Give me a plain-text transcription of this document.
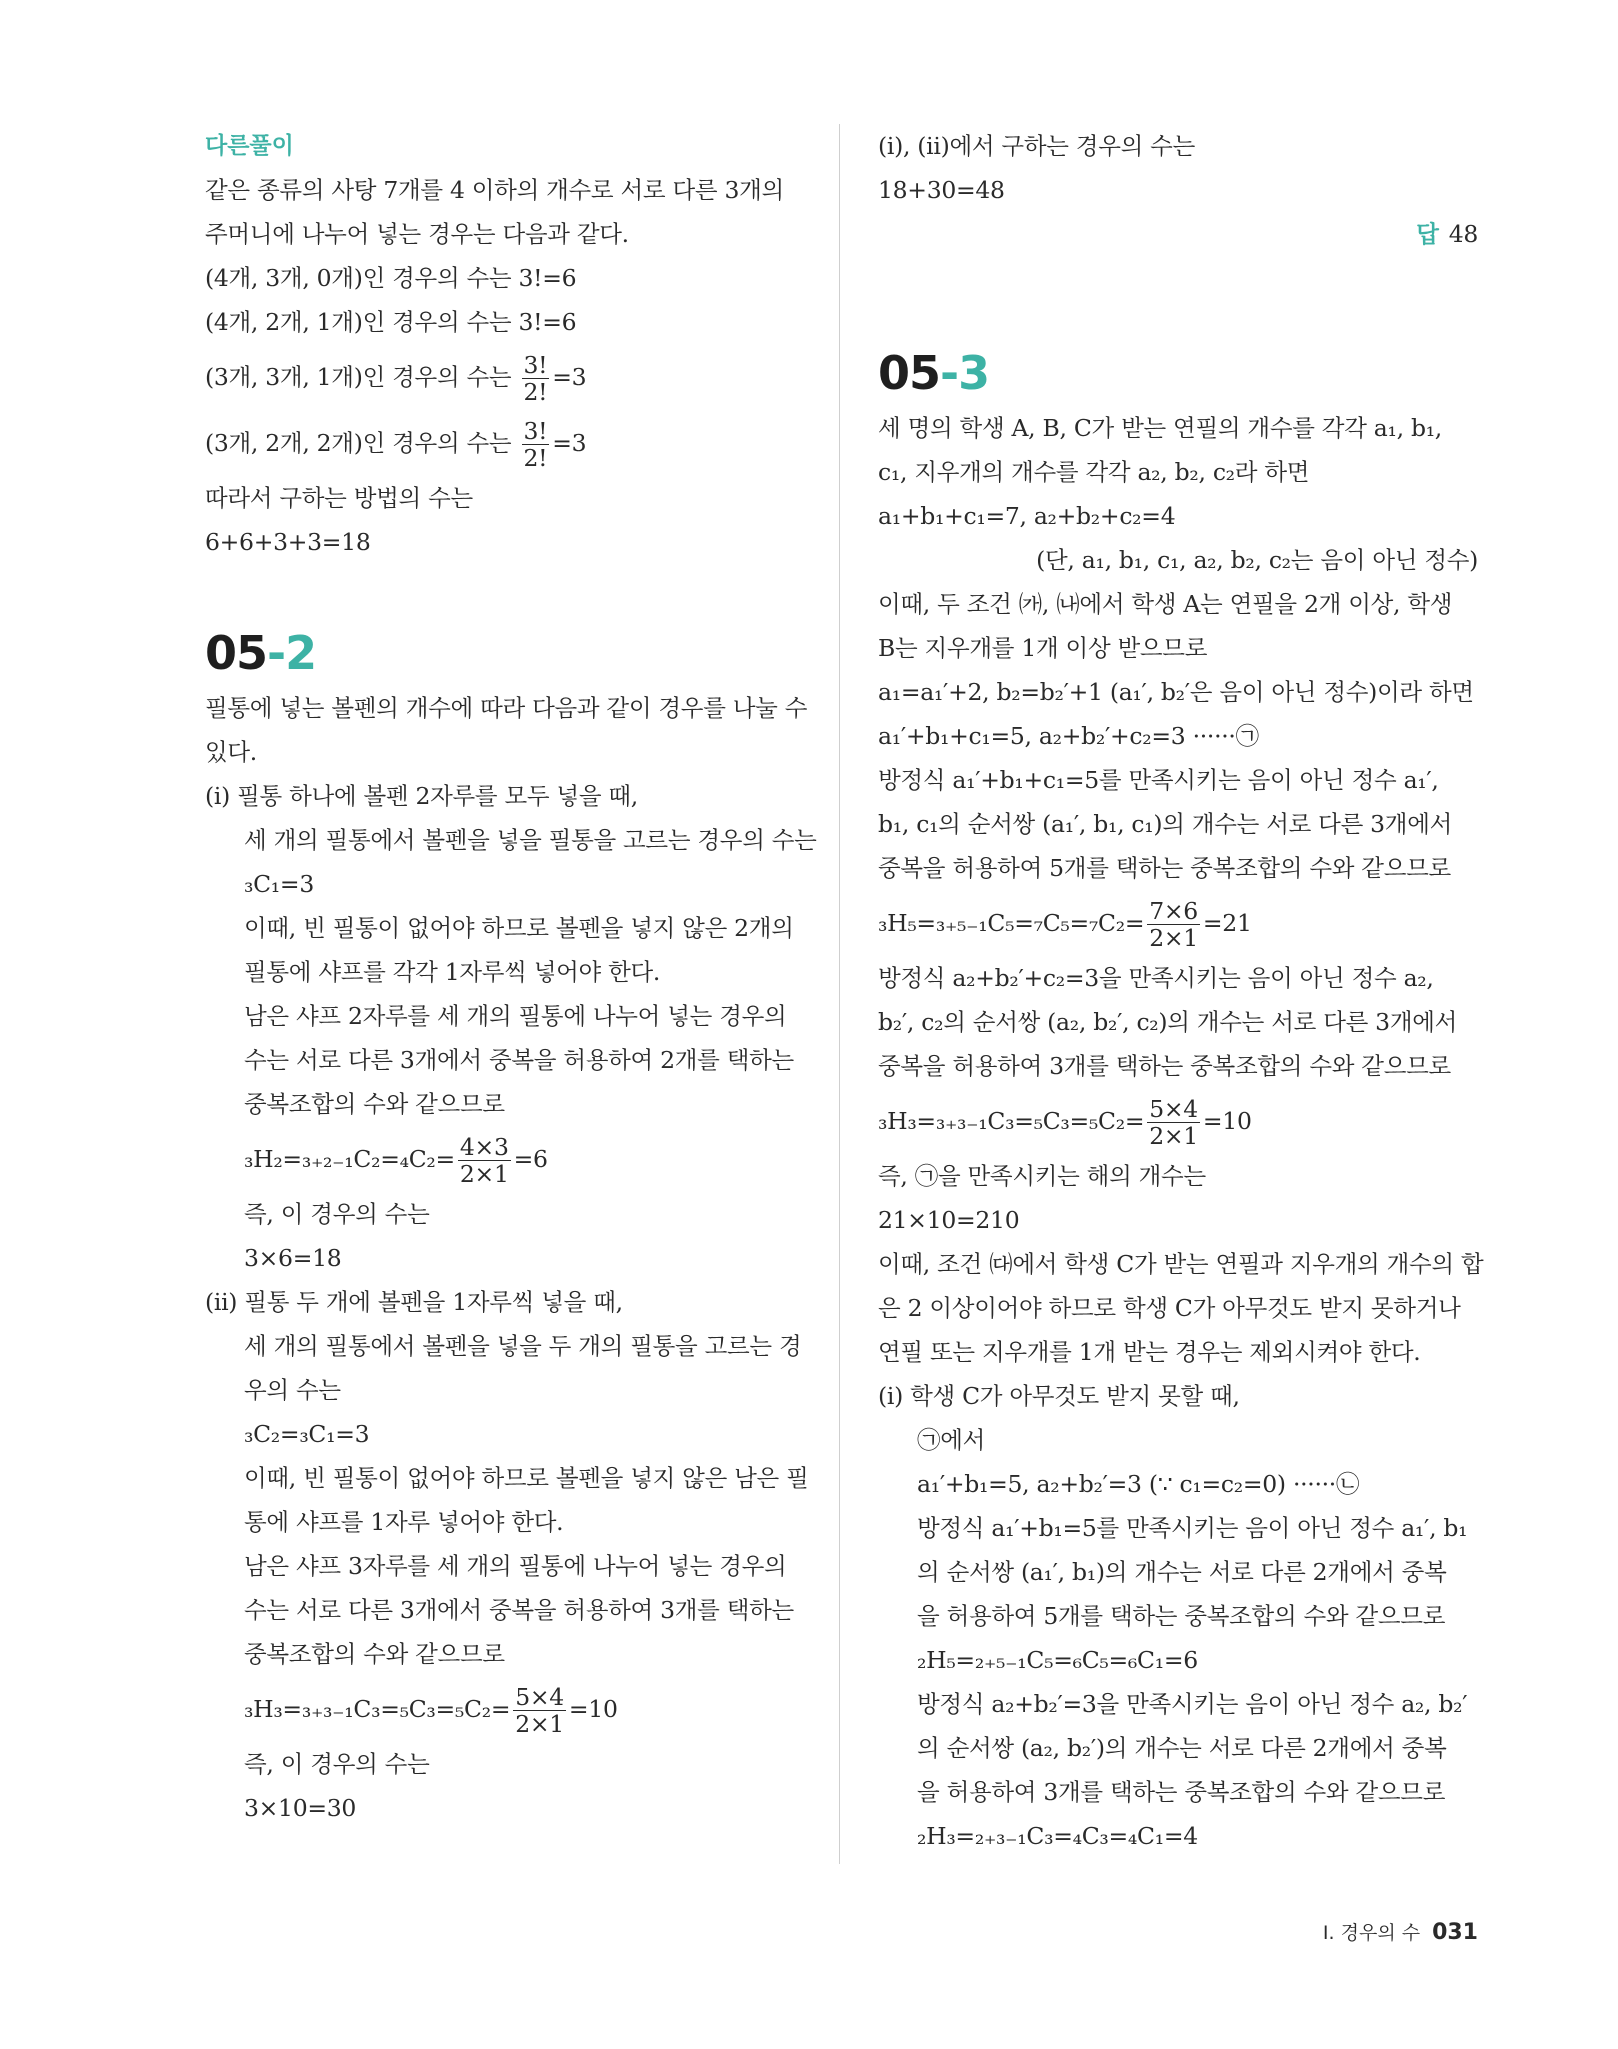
다른풀이
같은 종류의 사탕 7개를 4 이하의 개수로 서로 다른 3개의
주머니에 나누어 넣는 경우는 다음과 같다.
(4개, 3개, 0개)인 경우의 수는 3!=6
(4개, 2개, 1개)인 경우의 수는 3!=6
(3개, 3개, 1개)인 경우의 수는 $\frac{3!}{2!} =3$
(3개, 2개, 2개)인 경우의 수는 $\frac{3!}{2!} =3$
따라서 구하는 방법의 수는
6+6+3+3=18
05-2
필통에 넣는 볼펜의 개수에 따라 다음과 같이 경우를 나눌 수
있다.
(i) 필통 하나에 볼펜 2자루를 모두 넣을 때,
세 개의 필통에서 볼펜을 넣을 필통을 고르는 경우의 수는
₃C₁=3
이때, 빈 필통이 없어야 하므로 볼펜을 넣지 않은 2개의
필통에 샤프를 각각 1자루씩 넣어야 한다.
남은 샤프 2자루를 세 개의 필통에 나누어 넣는 경우의
수는 서로 다른 3개에서 중복을 허용하여 2개를 택하는
중복조합의 수와 같으므로
$_3H_2=_{3+2-1}C_2=_4C_2= \frac{4\times 3}{2\times 1} =6$
즉, 이 경우의 수는
3×6=18
(ii) 필통 두 개에 볼펜을 1자루씩 넣을 때,
세 개의 필통에서 볼펜을 넣을 두 개의 필통을 고르는 경
우의 수는
₃C₂=₃C₁=3
이때, 빈 필통이 없어야 하므로 볼펜을 넣지 않은 남은 필
통에 샤프를 1자루 넣어야 한다.
남은 샤프 3자루를 세 개의 필통에 나누어 넣는 경우의
수는 서로 다른 3개에서 중복을 허용하여 3개를 택하는
중복조합의 수와 같으므로
$_3H_3=_{3+3-1}C_3=_5C_3=_5C_2= \frac{5\times 4}{2\times 1} =10$
즉, 이 경우의 수는
3×10=30
(i), (ii)에서 구하는 경우의 수는
18+30=48
답 48
05-3
세 명의 학생 A, B, C가 받는 연필의 개수를 각각 a₁, b₁,
c₁, 지우개의 개수를 각각 a₂, b₂, c₂라 하면
a₁+b₁+c₁=7, a₂+b₂+c₂=4
(단, a₁, b₁, c₁, a₂, b₂, c₂는 음이 아닌 정수)
이때, 두 조건 ㈎, ㈏에서 학생 A는 연필을 2개 이상, 학생
B는 지우개를 1개 이상 받으므로
a₁=a₁′+2, b₂=b₂′+1 (a₁′, b₂′은 음이 아닌 정수)이라 하면
a₁′+b₁+c₁=5, a₂+b₂′+c₂=3 ······㉠
방정식 a₁′+b₁+c₁=5를 만족시키는 음이 아닌 정수 a₁′,
b₁, c₁의 순서쌍 (a₁′, b₁, c₁)의 개수는 서로 다른 3개에서
중복을 허용하여 5개를 택하는 중복조합의 수와 같으므로
$_3H_5=_{3+5-1}C_5=_7C_5=_7C_2= \frac{7\times 6}{2\times 1} =21$
방정식 a₂+b₂′+c₂=3을 만족시키는 음이 아닌 정수 a₂,
b₂′, c₂의 순서쌍 (a₂, b₂′, c₂)의 개수는 서로 다른 3개에서
중복을 허용하여 3개를 택하는 중복조합의 수와 같으므로
$_3H_3=_{3+3-1}C_3=_5C_3=_5C_2= \frac{5\times 4}{2\times 1} =10$
즉, ㉠을 만족시키는 해의 개수는
21×10=210
이때, 조건 ㈐에서 학생 C가 받는 연필과 지우개의 개수의 합
은 2 이상이어야 하므로 학생 C가 아무것도 받지 못하거나
연필 또는 지우개를 1개 받는 경우는 제외시켜야 한다.
(i) 학생 C가 아무것도 받지 못할 때,
㉠에서
a₁′+b₁=5, a₂+b₂′=3 (∵ c₁=c₂=0) ······㉡
방정식 a₁′+b₁=5를 만족시키는 음이 아닌 정수 a₁′, b₁
의 순서쌍 (a₁′, b₁)의 개수는 서로 다른 2개에서 중복
을 허용하여 5개를 택하는 중복조합의 수와 같으므로
₂H₅=₂₊₅₋₁C₅=₆C₅=₆C₁=6
방정식 a₂+b₂′=3을 만족시키는 음이 아닌 정수 a₂, b₂′
의 순서쌍 (a₂, b₂′)의 개수는 서로 다른 2개에서 중복
을 허용하여 3개를 택하는 중복조합의 수와 같으므로
₂H₃=₂₊₃₋₁C₃=₄C₃=₄C₁=4
I. 경우의 수 031
